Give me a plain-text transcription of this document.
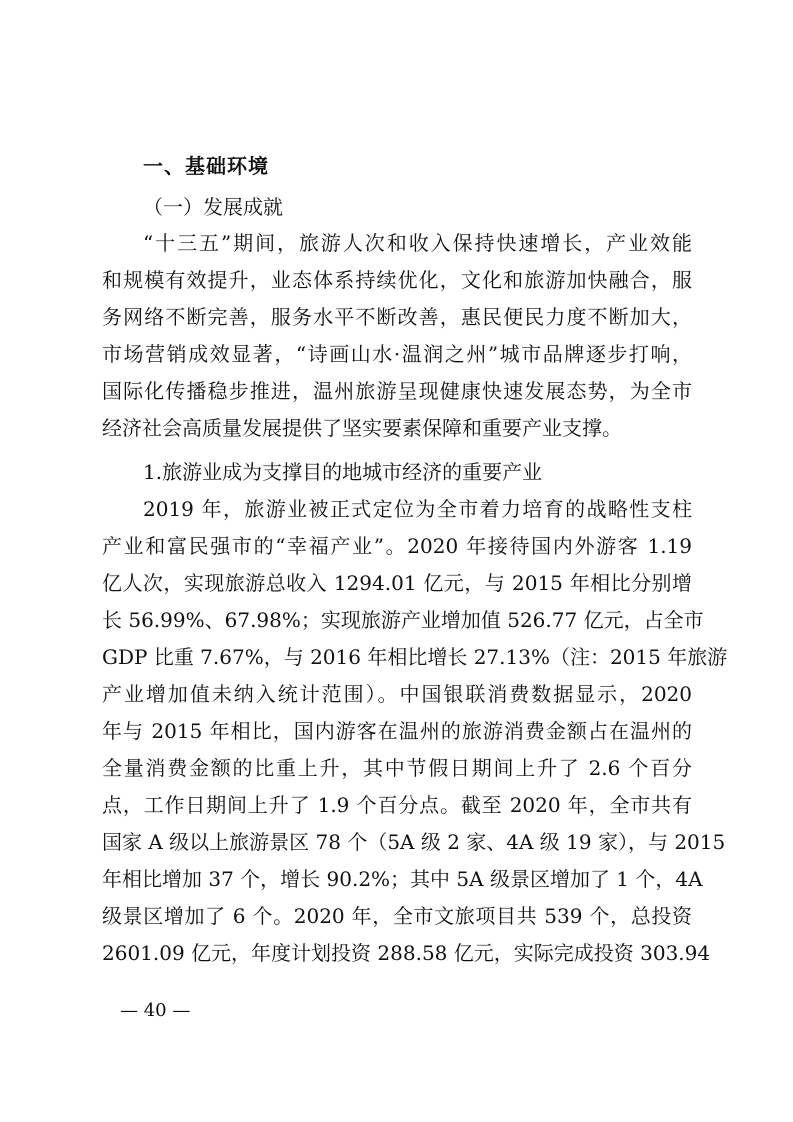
一、基础环境
（一）发展成就
“十三五”期间，旅游人次和收入保持快速增长，产业效能
和规模有效提升，业态体系持续优化，文化和旅游加快融合，服
务网络不断完善，服务水平不断改善，惠民便民力度不断加大，
市场营销成效显著，“诗画山水·温润之州”城市品牌逐步打响，
国际化传播稳步推进，温州旅游呈现健康快速发展态势，为全市
经济社会高质量发展提供了坚实要素保障和重要产业支撑。
1.旅游业成为支撑目的地城市经济的重要产业
2019 年，旅游业被正式定位为全市着力培育的战略性支柱
产业和富民强市的“幸福产业”。2020 年接待国内外游客 1.19
亿人次，实现旅游总收入 1294.01 亿元，与 2015 年相比分别增
长 56.99%、67.98%；实现旅游产业增加值 526.77 亿元，占全市
GDP 比重 7.67%，与 2016 年相比增长 27.13%（注：2015 年旅游
产业增加值未纳入统计范围）。中国银联消费数据显示，2020
年与 2015 年相比，国内游客在温州的旅游消费金额占在温州的
全量消费金额的比重上升，其中节假日期间上升了 2.6 个百分
点，工作日期间上升了 1.9 个百分点。截至 2020 年，全市共有
国家 A 级以上旅游景区 78 个（5A 级 2 家、4A 级 19 家），与 2015
年相比增加 37 个，增长 90.2%；其中 5A 级景区增加了 1 个，4A
级景区增加了 6 个。2020 年，全市文旅项目共 539 个，总投资
2601.09 亿元，年度计划投资 288.58 亿元，实际完成投资 303.94
— 40 —
